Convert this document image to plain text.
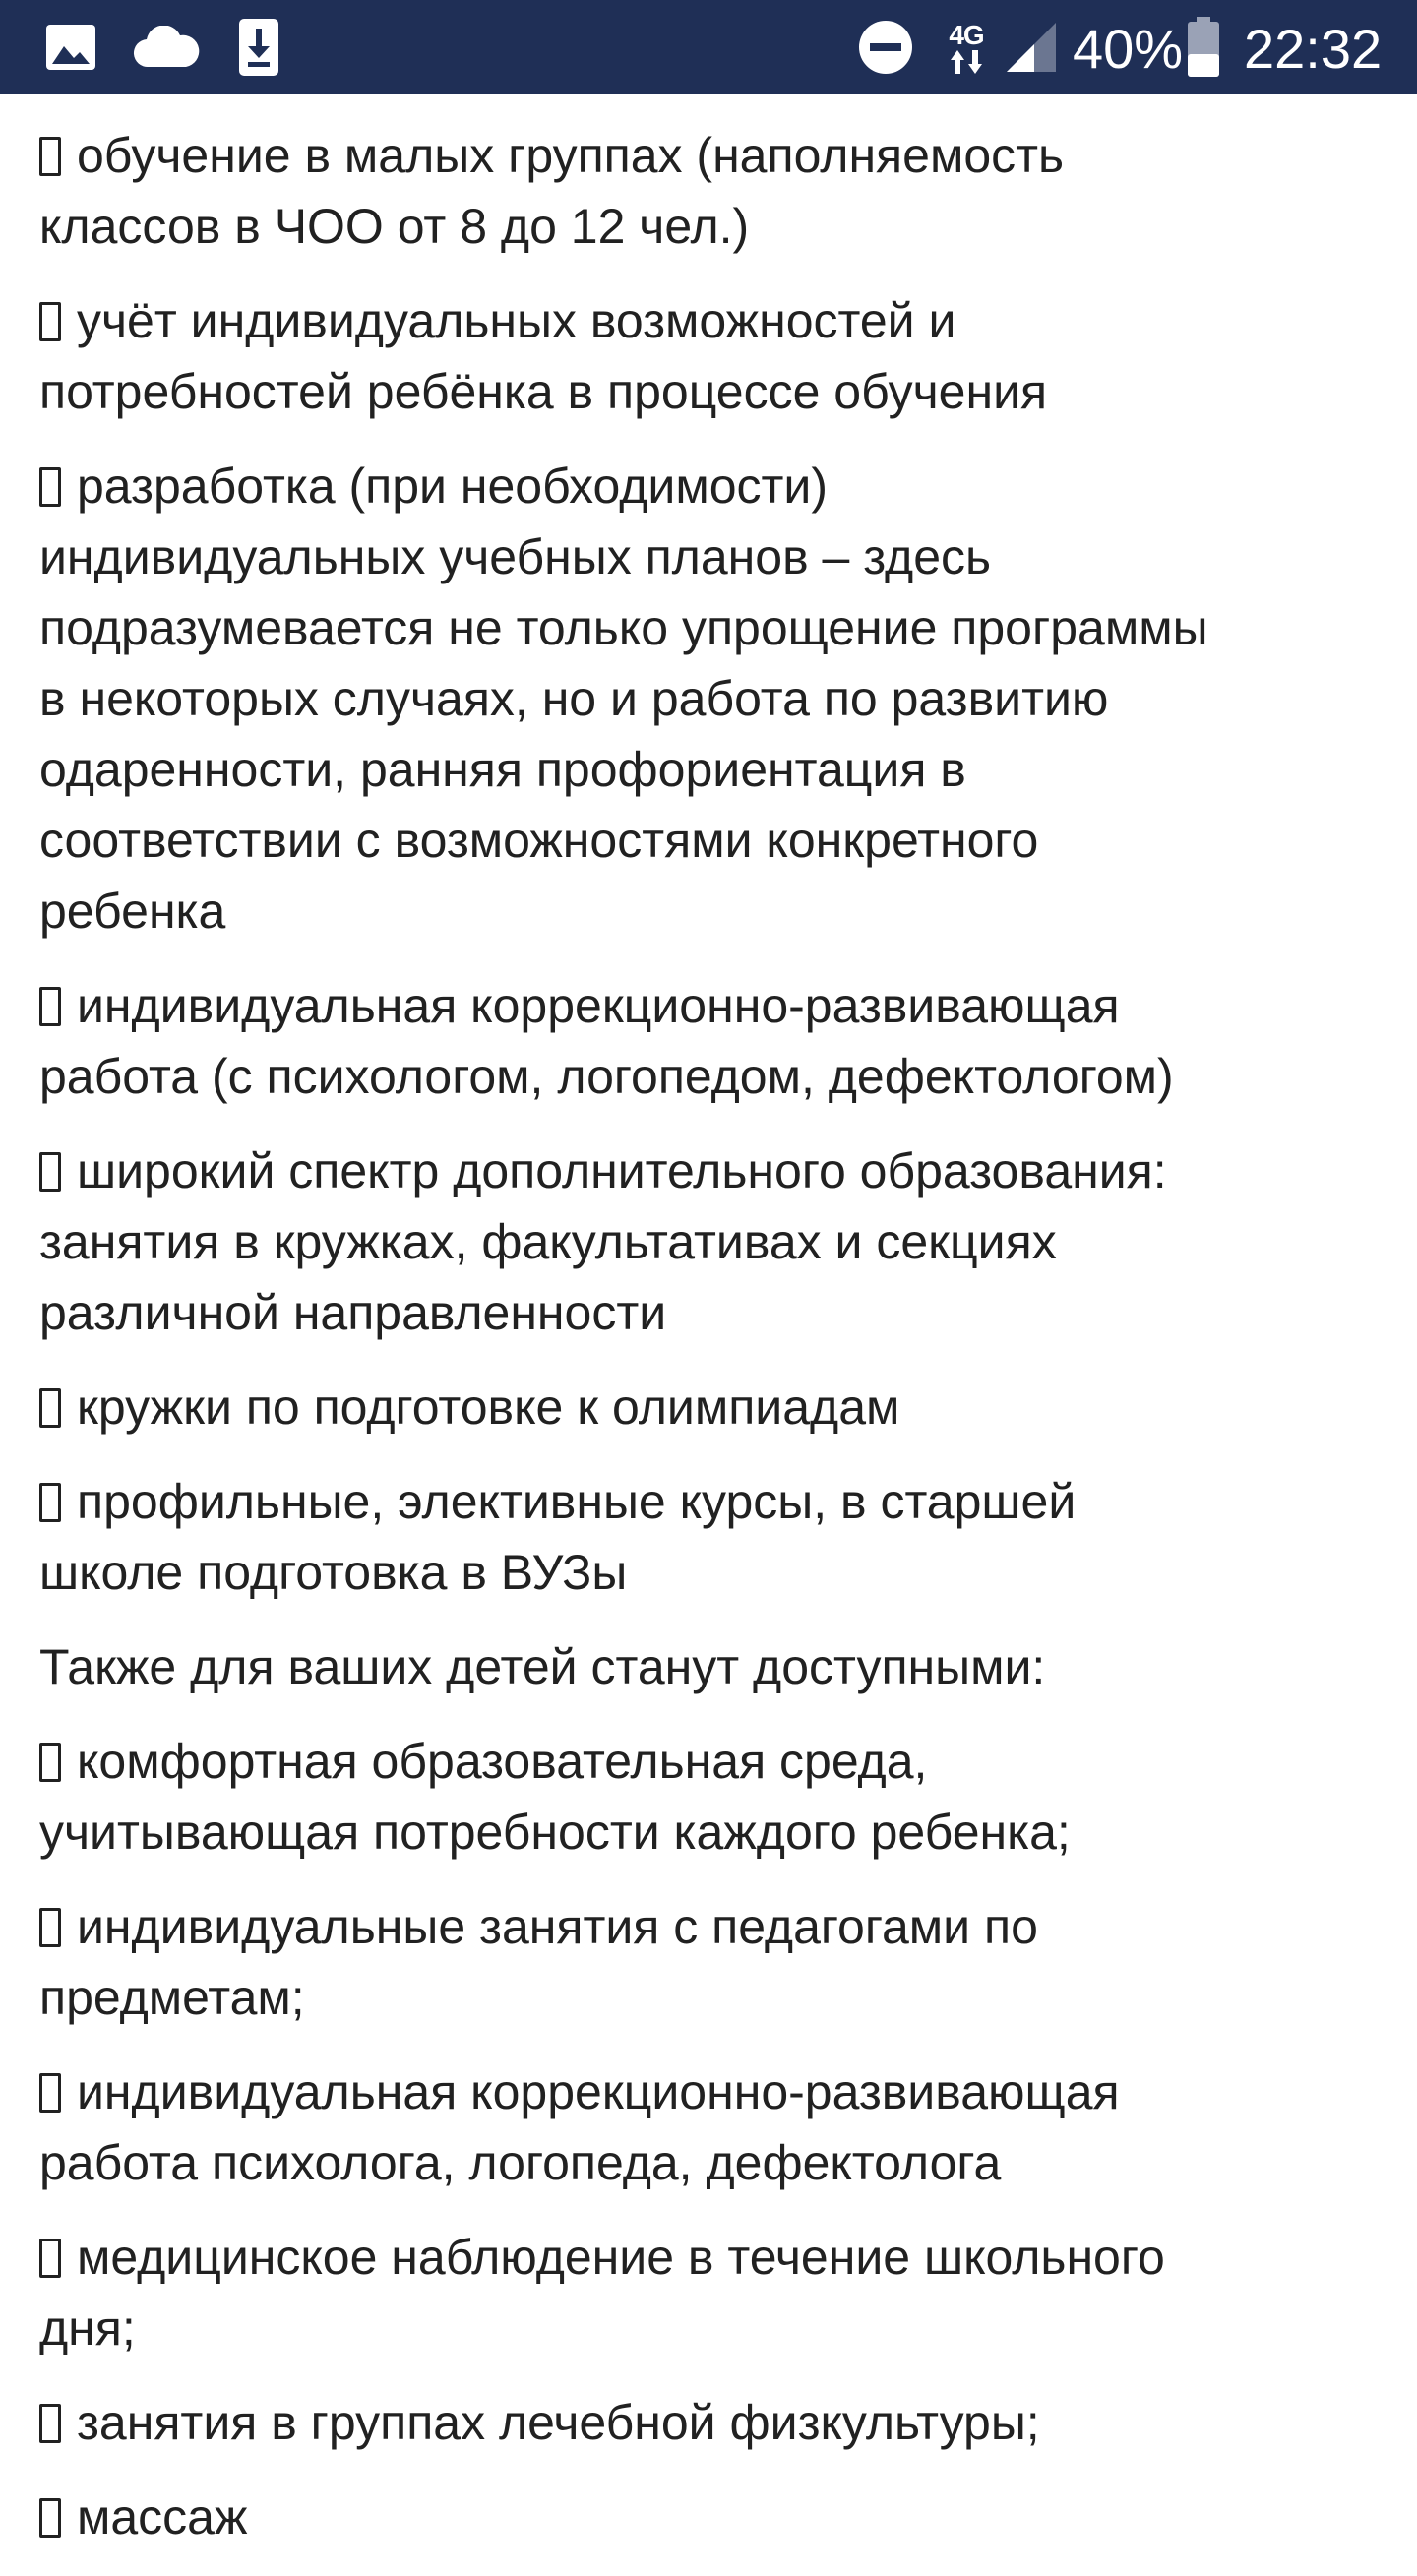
4G 40% 22:32

обучение в малых группах (наполняемость
классов в ЧОО от 8 до 12 чел.)

учёт индивидуальных возможностей и
потребностей ребёнка в процессе обучения

разработка (при необходимости)
индивидуальных учебных планов – здесь
подразумевается не только упрощение программы
в некоторых случаях, но и работа по развитию
одаренности, ранняя профориентация в
соответствии с возможностями конкретного
ребенка

индивидуальная коррекционно-развивающая
работа (с психологом, логопедом, дефектологом)

широкий спектр дополнительного образования:
занятия в кружках, факультативах и секциях
различной направленности

кружки по подготовке к олимпиадам

профильные, элективные курсы, в старшей
школе подготовка в ВУЗы

Также для ваших детей станут доступными:

комфортная образовательная среда,
учитывающая потребности каждого ребенка;

индивидуальные занятия с педагогами по
предметам;

индивидуальная коррекционно-развивающая
работа психолога, логопеда, дефектолога

медицинское наблюдение в течение школьного
дня;

занятия в группах лечебной физкультуры;

массаж
